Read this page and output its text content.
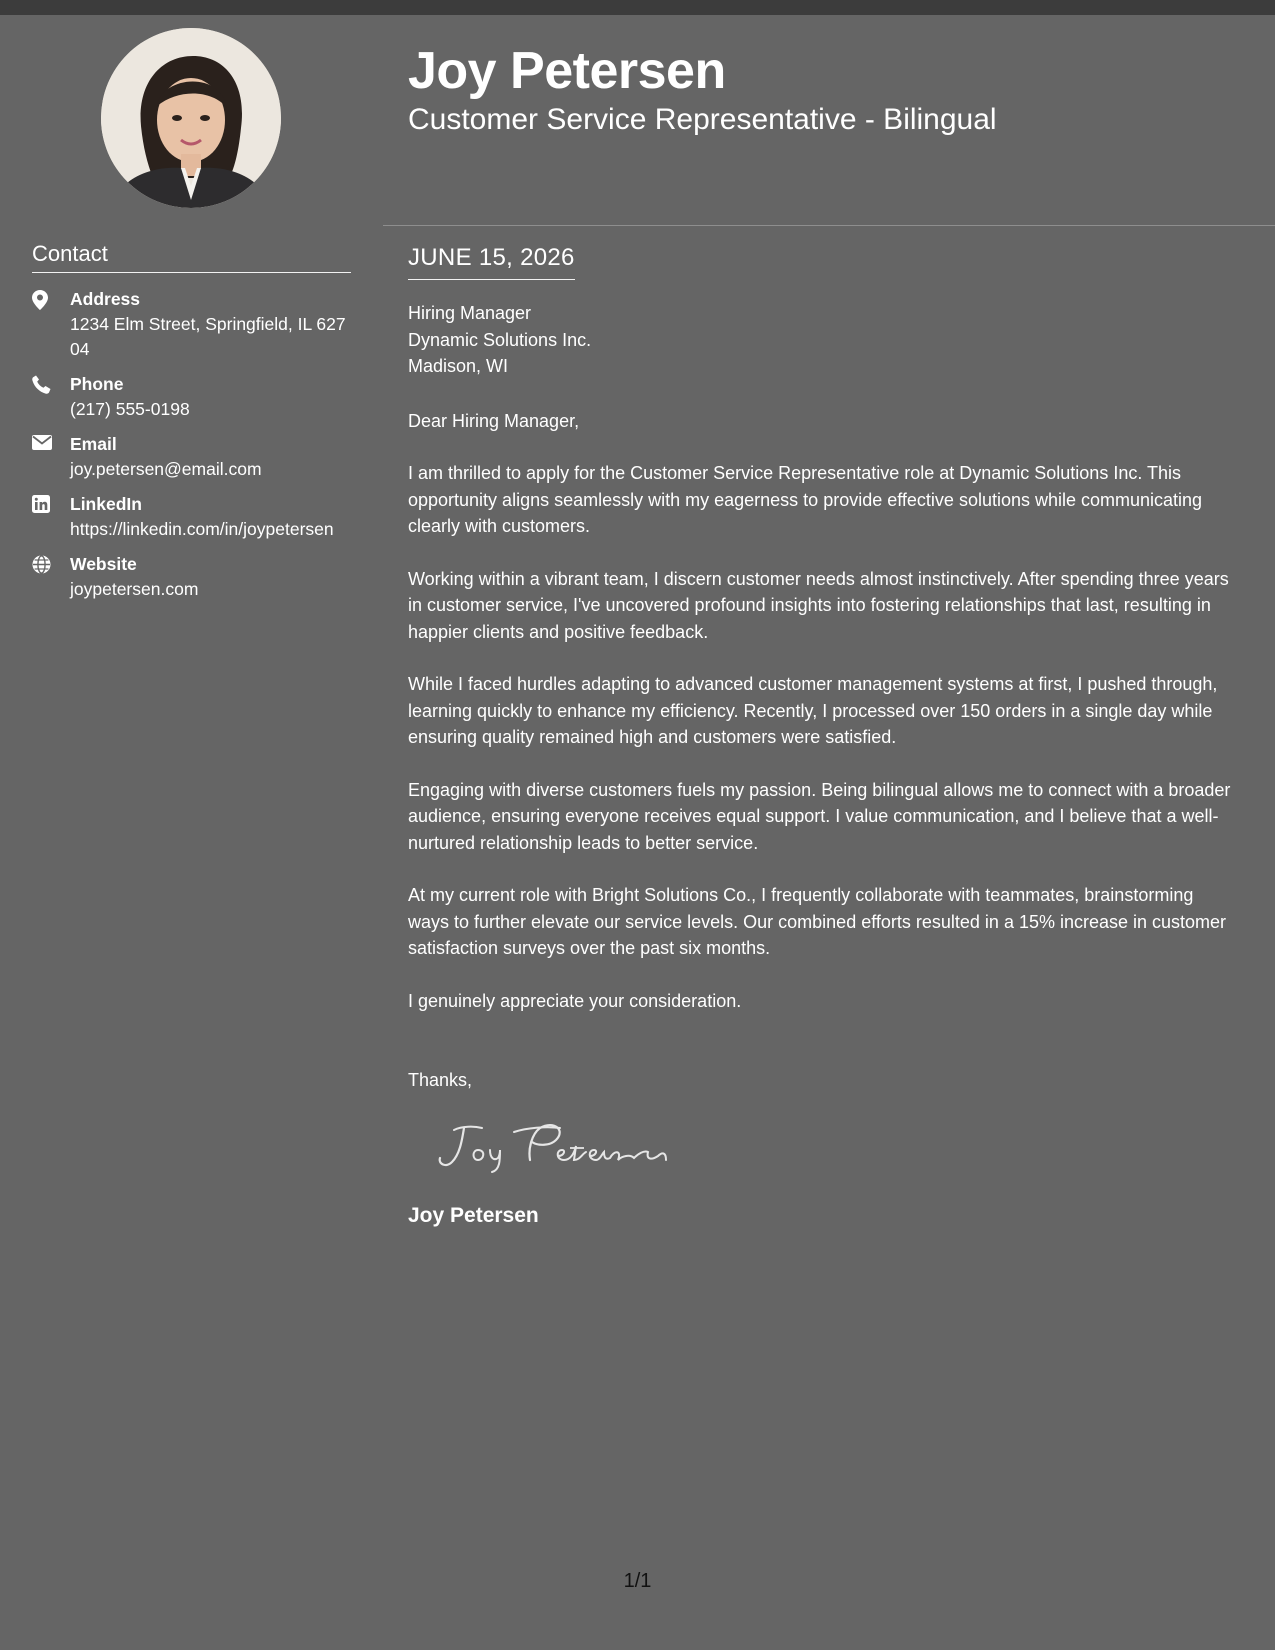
Contact
Address
1234 Elm Street, Springfield, IL 62704
Phone
(217) 555-0198
Email
joy.petersen@email.com
LinkedIn
https://linkedin.com/in/joypetersen
Website
joypetersen.com
Joy Petersen
Customer Service Representative - Bilingual
JUNE 15, 2026
Hiring Manager
Dynamic Solutions Inc.
Madison, WI
Dear Hiring Manager,
I am thrilled to apply for the Customer Service Representative role at Dynamic Solutions Inc. This opportunity aligns seamlessly with my eagerness to provide effective solutions while communicating clearly with customers.
Working within a vibrant team, I discern customer needs almost instinctively. After spending three years in customer service, I've uncovered profound insights into fostering relationships that last, resulting in happier clients and positive feedback.
While I faced hurdles adapting to advanced customer management systems at first, I pushed through, learning quickly to enhance my efficiency. Recently, I processed over 150 orders in a single day while ensuring quality remained high and customers were satisfied.
Engaging with diverse customers fuels my passion. Being bilingual allows me to connect with a broader audience, ensuring everyone receives equal support. I value communication, and I believe that a well-nurtured relationship leads to better service.
At my current role with Bright Solutions Co., I frequently collaborate with teammates, brainstorming ways to further elevate our service levels. Our combined efforts resulted in a 15% increase in customer satisfaction surveys over the past six months.
I genuinely appreciate your consideration.
Thanks,
Joy Petersen
1/1
